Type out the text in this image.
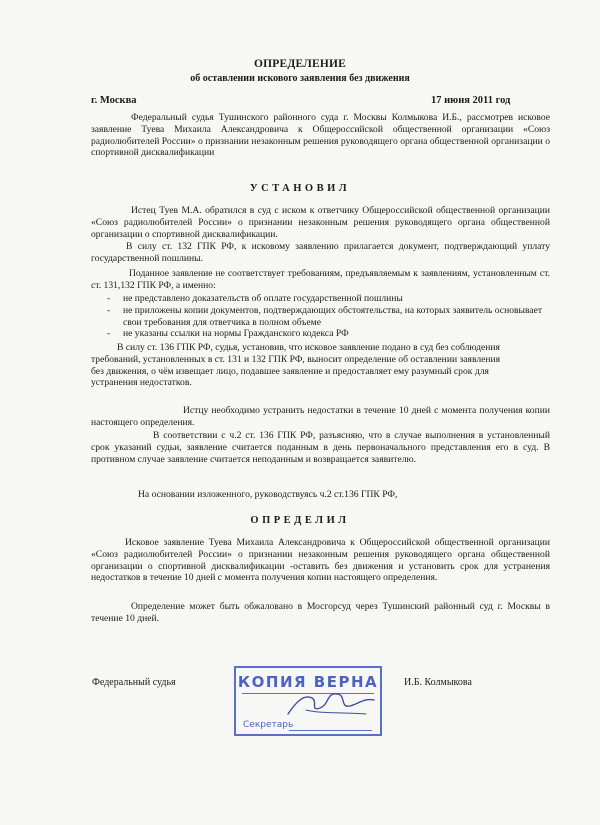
ОПРЕДЕЛЕНИЕ
об оставлении искового заявления без движения
г. Москва	17 июня 2011 год
Федеральный судья Тушинского районного суда г. Москвы Колмыкова И.Б., рассмотрев исковое заявление Туева Михаила Александровича к Общероссийской общественной организации «Союз радиолюбителей России» о признании незаконным решения руководящего органа общественной организации о спортивной дисквалификации
УСТАНОВИЛ
Истец Туев М.А. обратился в суд с иском к ответчику Общероссийской общественной организации «Союз радиолюбителей России» о признании незаконным решения руководящего органа общественной организации о спортивной дисквалификации.
В силу ст. 132 ГПК РФ, к исковому заявлению прилагается документ, подтверждающий уплату государственной пошлины.
Поданное заявление не соответствует требованиям, предъявляемым к заявлениям, установленным ст. ст. 131,132 ГПК РФ, а именно:
-	не представлено доказательств об оплате государственной пошлины
-	не приложены копии документов, подтверждающих обстоятельства, на которых заявитель основывает свои требования для ответчика в полном объеме
-	не указаны ссылки на нормы Гражданского кодекса РФ
В силу ст. 136 ГПК РФ, судья, установив, что исковое заявление подано в суд без соблюдения требований, установленных в ст. 131 и 132 ГПК РФ, выносит определение об оставлении заявления без движения, о чём извещает лицо, подавшее заявление и предоставляет ему разумный срок для устранения недостатков.
Истцу необходимо устранить недостатки в течение 10 дней с момента получения копии настоящего определения.
В соответствии с ч.2 ст. 136 ГПК РФ, разъясняю, что в случае выполнения в установленный срок указаний судьи, заявление считается поданным в день первоначального представления его в суд. В противном случае заявление считается неподанным и возвращается заявителю.
На основании изложенного, руководствуясь ч.2 ст.136 ГПК РФ,
ОПРЕДЕЛИЛ
Исковое заявление Туева Михаила Александровича к Общероссийской общественной организации «Союз радиолюбителей России» о признании незаконным решения руководящего органа общественной организации о спортивной дисквалификации -оставить без движения и установить срок для устранения недостатков в течение 10 дней с момента получения копии настоящего определения.
Определение может быть обжаловано в Мосгорсуд через Тушинский районный суд г. Москвы в течение 10 дней.
Федеральный судья	И.Б. Колмыкова
КОПИЯ ВЕРНА
Секретарь
